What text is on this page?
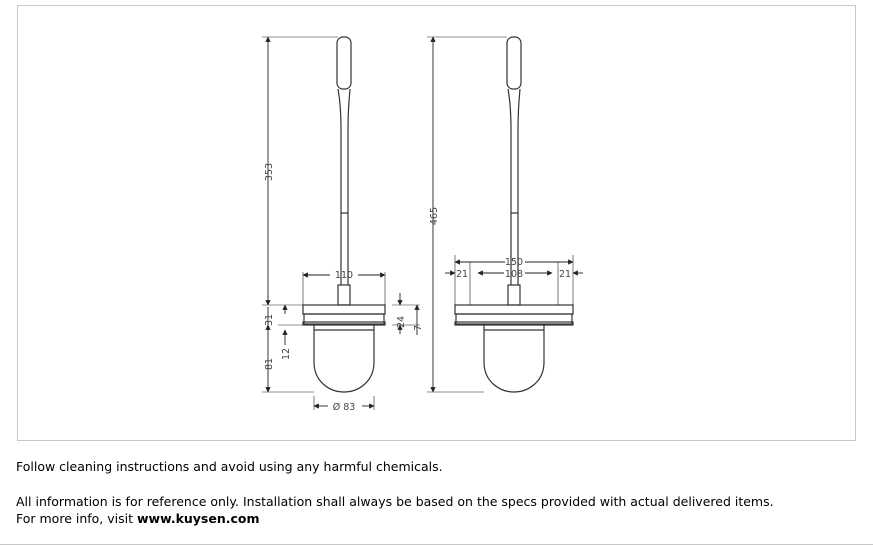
353
31
81
12
110
24 7
Ø 83
465
150
108
21	21

Follow cleaning instructions and avoid using any harmful chemicals.

All information is for reference only. Installation shall always be based on the specs provided with actual delivered items.

For more info, visit www.kuysen.com
